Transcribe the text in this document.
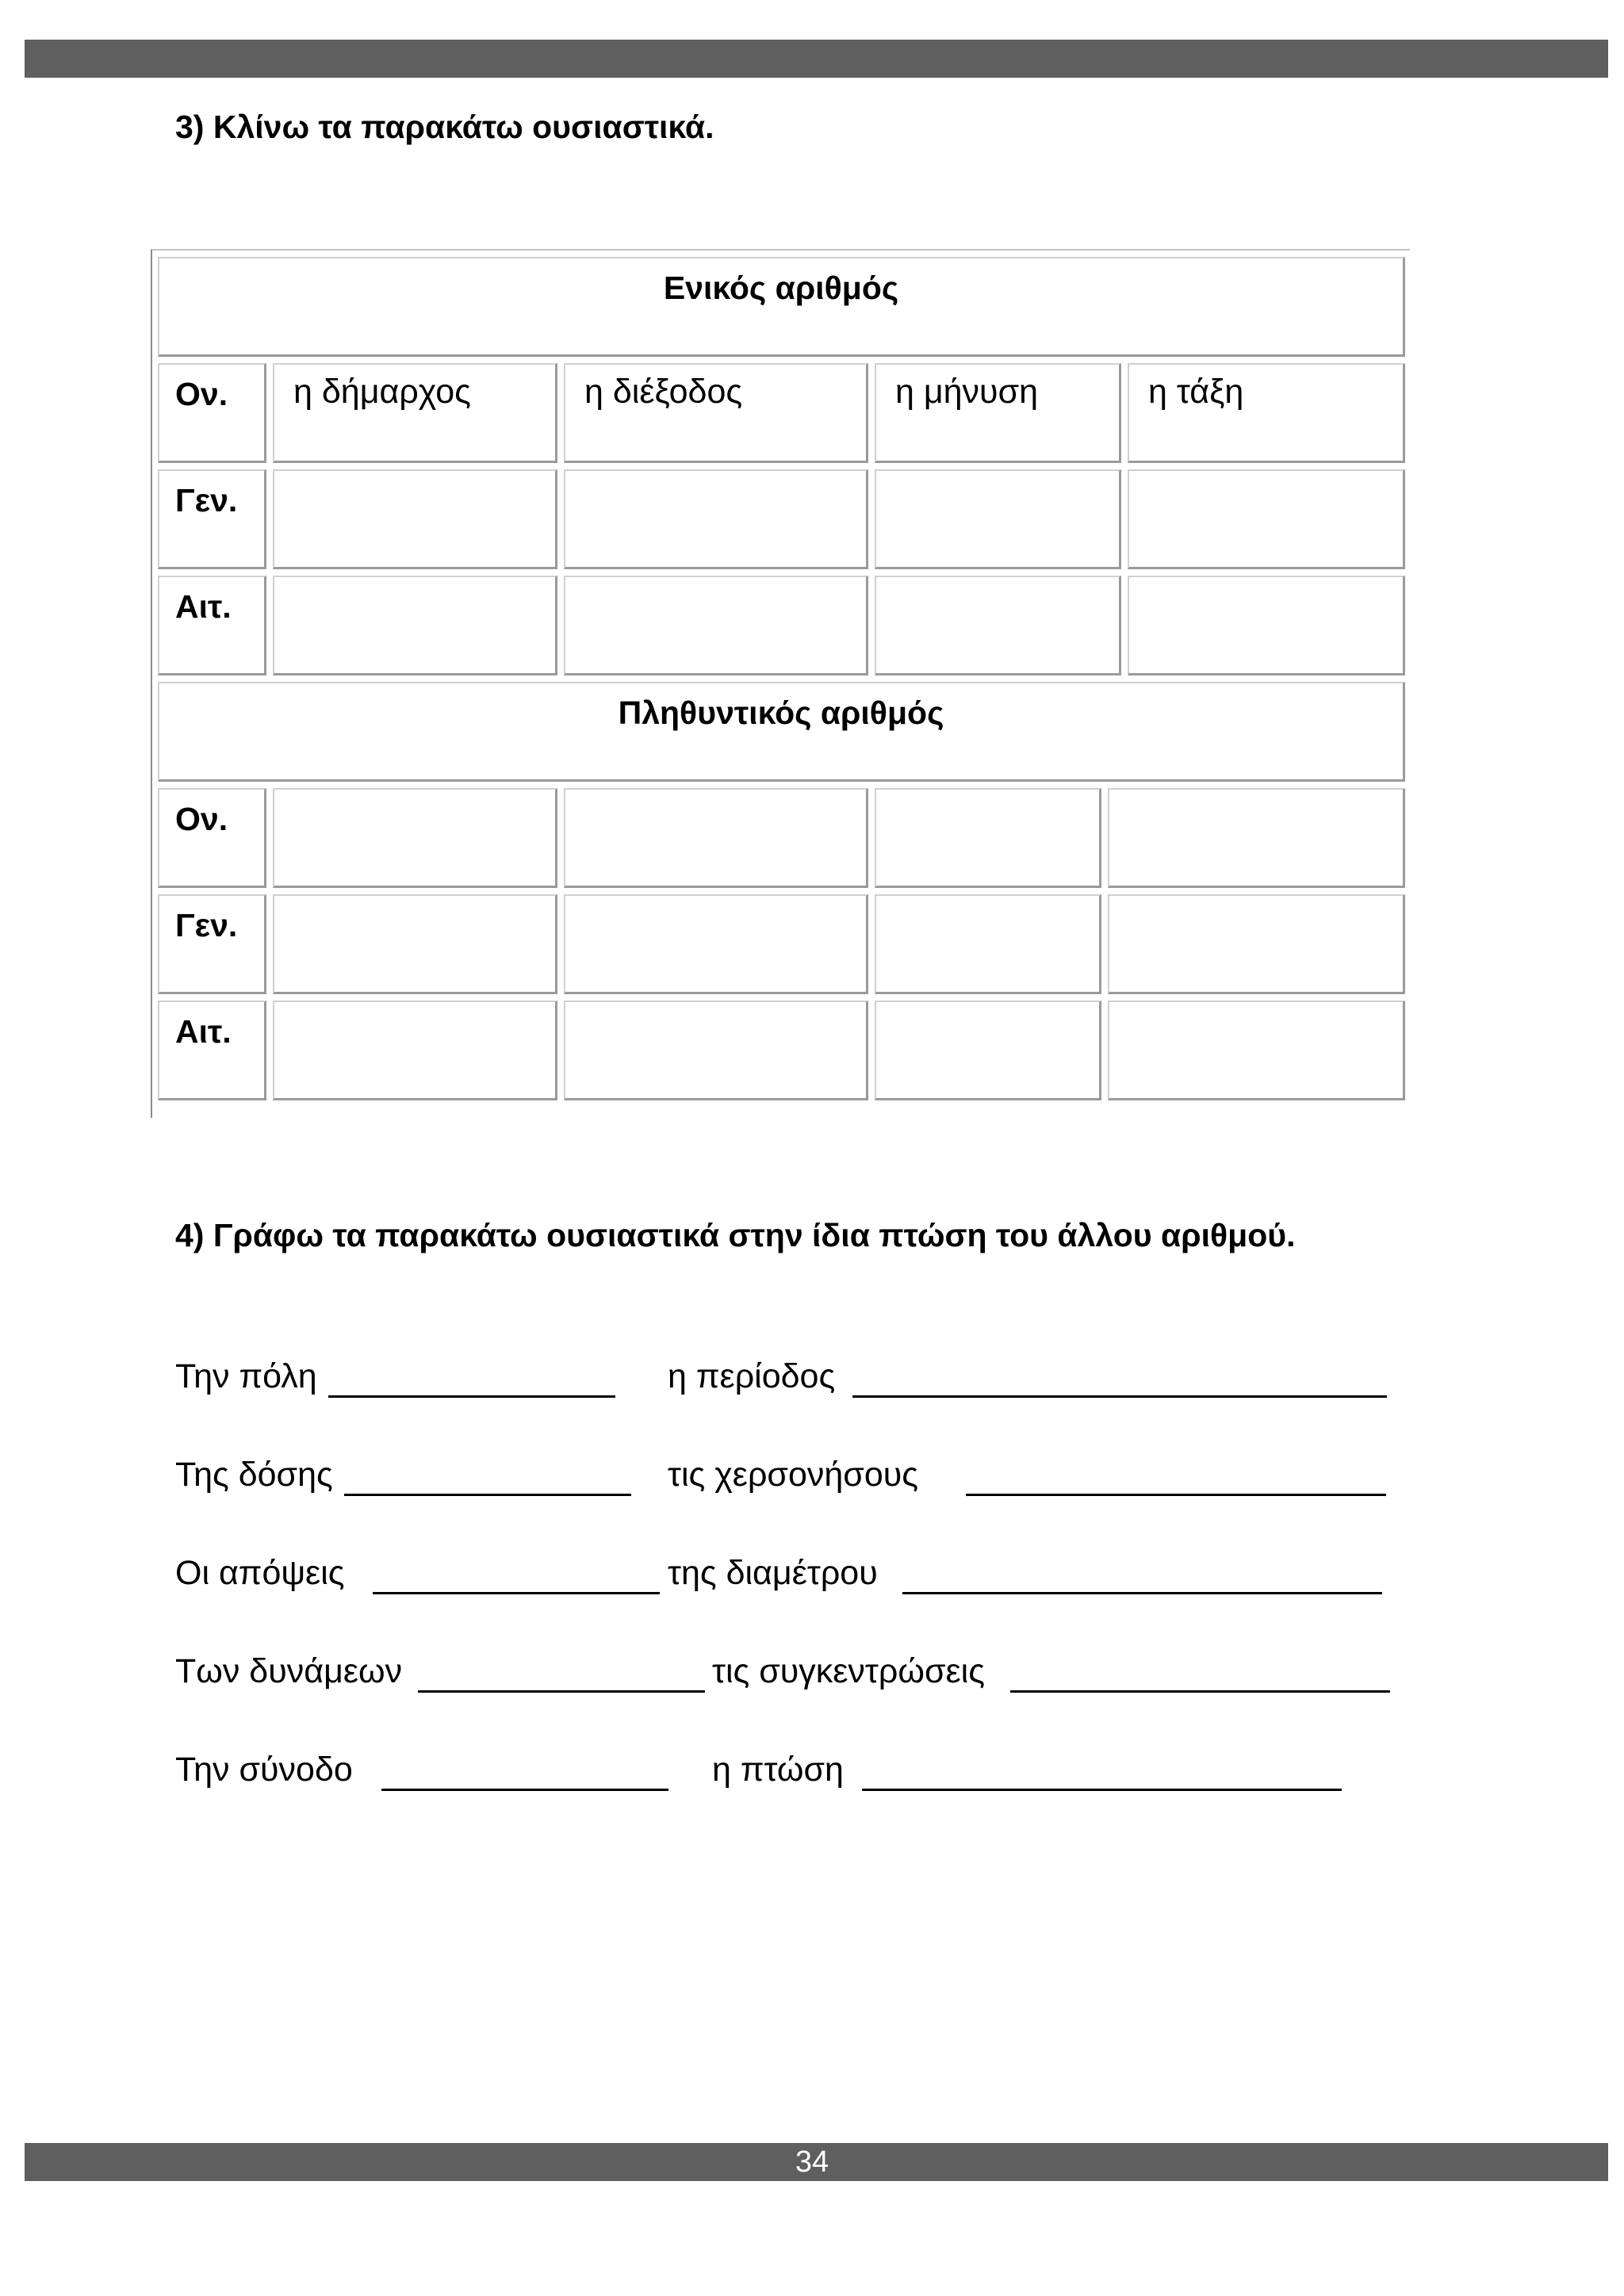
3) Κλίνω τα παρακάτω ουσιαστικά.
Ενικός αριθμός
Ον.	η δήμαρχος	η διέξοδος	η μήνυση	η τάξη
Γεν.
Αιτ.
Πληθυντικός αριθμός
Ον.
Γεν.
Αιτ.
4) Γράφω τα παρακάτω ουσιαστικά στην ίδια πτώση του άλλου αριθμού.
Την πόλη	η περίοδος
Της δόσης	τις χερσονήσους
Οι απόψεις	της διαμέτρου
Των δυνάμεων	τις συγκεντρώσεις
Την σύνοδο	η πτώση
34
